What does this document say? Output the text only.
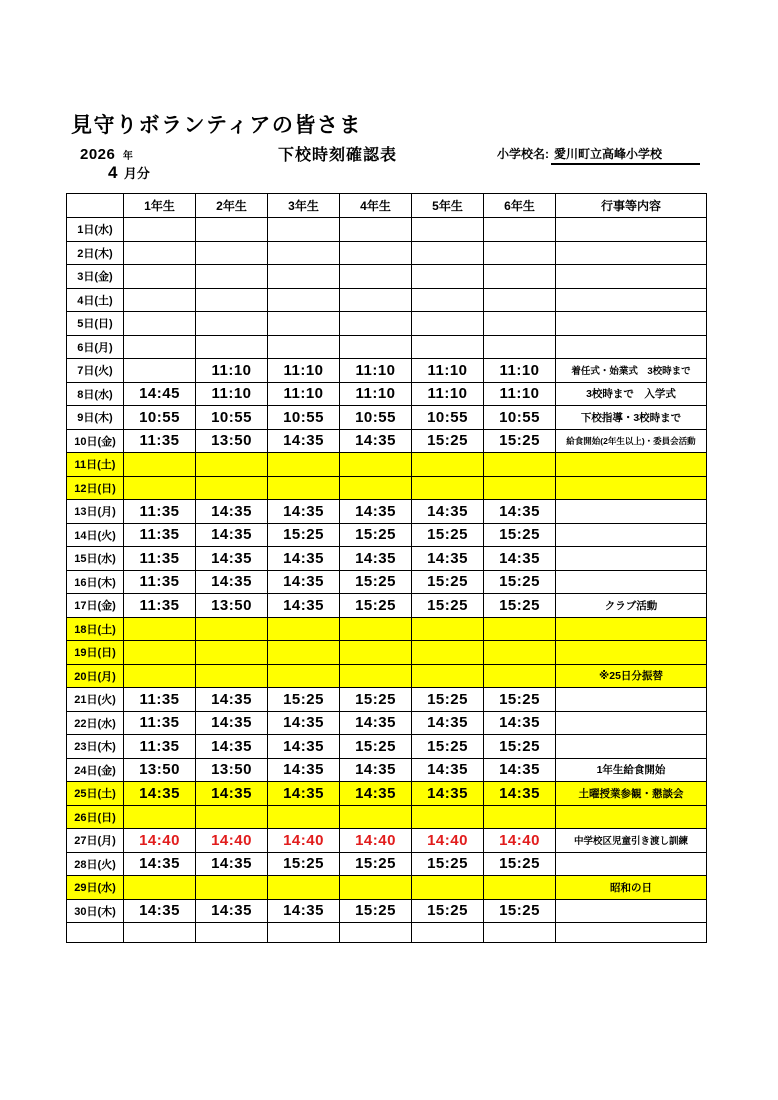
見守りボランティアの皆さま
2026 年	下校時刻確認表	小学校名: 愛川町立高峰小学校
4 月分
	1年生	2年生	3年生	4年生	5年生	6年生	行事等内容
1日(水)							
2日(木)							
3日(金)							
4日(土)							
5日(日)							
6日(月)							
7日(火)		11:10	11:10	11:10	11:10	11:10	着任式・始業式　3校時まで
8日(水)	14:45	11:10	11:10	11:10	11:10	11:10	3校時まで　入学式
9日(木)	10:55	10:55	10:55	10:55	10:55	10:55	下校指導・3校時まで
10日(金)	11:35	13:50	14:35	14:35	15:25	15:25	給食開始(2年生以上)・委員会活動
11日(土)							
12日(日)							
13日(月)	11:35	14:35	14:35	14:35	14:35	14:35	
14日(火)	11:35	14:35	15:25	15:25	15:25	15:25	
15日(水)	11:35	14:35	14:35	14:35	14:35	14:35	
16日(木)	11:35	14:35	14:35	15:25	15:25	15:25	
17日(金)	11:35	13:50	14:35	15:25	15:25	15:25	クラブ活動
18日(土)							
19日(日)							
20日(月)							※25日分振替
21日(火)	11:35	14:35	15:25	15:25	15:25	15:25	
22日(水)	11:35	14:35	14:35	14:35	14:35	14:35	
23日(木)	11:35	14:35	14:35	15:25	15:25	15:25	
24日(金)	13:50	13:50	14:35	14:35	14:35	14:35	1年生給食開始
25日(土)	14:35	14:35	14:35	14:35	14:35	14:35	土曜授業参観・懇談会
26日(日)							
27日(月)	14:40	14:40	14:40	14:40	14:40	14:40	中学校区児童引き渡し訓練
28日(火)	14:35	14:35	15:25	15:25	15:25	15:25	
29日(水)							昭和の日
30日(木)	14:35	14:35	14:35	15:25	15:25	15:25	
